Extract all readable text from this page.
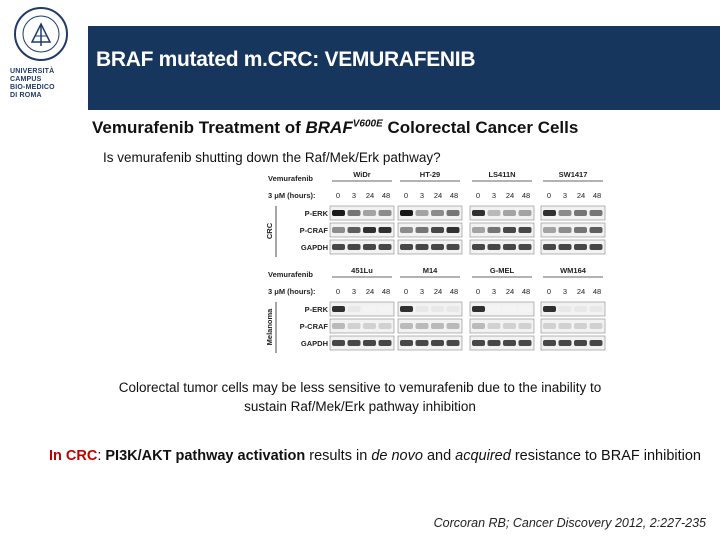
UNIVERSITÀ
CAMPUS
BIO-MEDICO
DI ROMA
BRAF mutated m.CRC: VEMURAFENIB
Vemurafenib Treatment of $BRAF^{V600E}$ Colorectal Cancer Cells
Is vemurafenib shutting down the Raf/Mek/Erk pathway?
Vemurafenib
3 μM (hours):
WiDr
0 3 24 48
HT-29
0 3 24 48
LS411N
0 3 24 48
SW1417
0 3 24 48
P-ERK
P-CRAF
GAPDH
CRC
Vemurafenib
3 μM (hours):
451Lu
0 3 24 48
M14
0 3 24 48
G-MEL
0 3 24 48
WM164
0 3 24 48
P-ERK
P-CRAF
GAPDH
Melanoma
Colorectal tumor cells may be less sensitive to vemurafenib due to the inability to
sustain Raf/Mek/Erk pathway inhibition
In CRC: PI3K/AKT pathway activation results in de novo and acquired resistance to BRAF inhibition
Corcoran RB; Cancer Discovery 2012, 2:227-235
